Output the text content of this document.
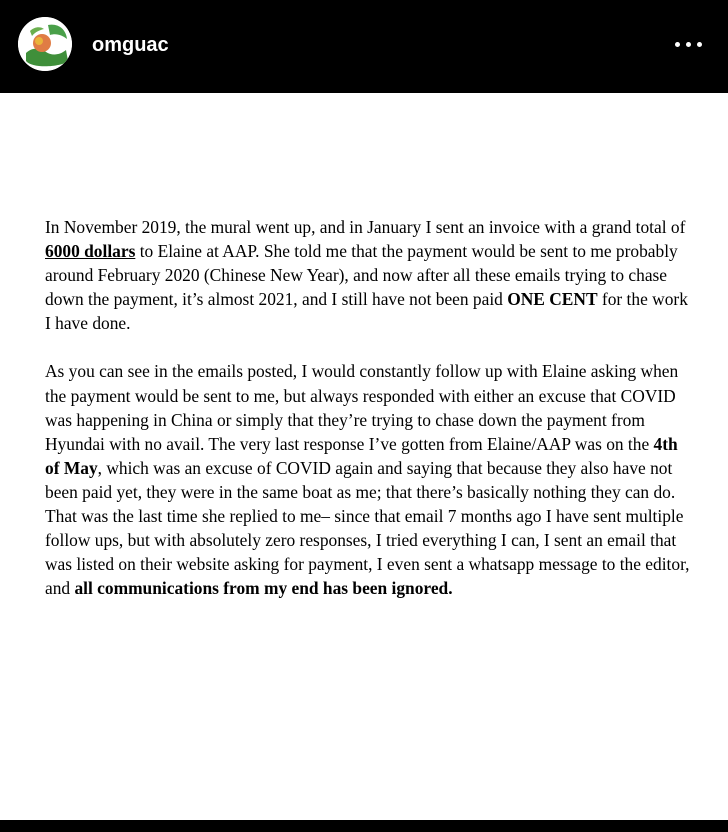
omguac

In November 2019, the mural went up, and in January I sent an invoice with a grand total of 6000 dollars to Elaine at AAP. She told me that the payment would be sent to me probably around February 2020 (Chinese New Year), and now after all these emails trying to chase down the payment, it’s almost 2021, and I still have not been paid ONE CENT for the work I have done.

As you can see in the emails posted, I would constantly follow up with Elaine asking when the payment would be sent to me, but always responded with either an excuse that COVID was happening in China or simply that they’re trying to chase down the payment from Hyundai with no avail. The very last response I’ve gotten from Elaine/AAP was on the 4th of May, which was an excuse of COVID again and saying that because they also have not been paid yet, they were in the same boat as me; that there’s basically nothing they can do. That was the last time she replied to me– since that email 7 months ago I have sent multiple follow ups, but with absolutely zero responses, I tried everything I can, I sent an email that was listed on their website asking for payment, I even sent a whatsapp message to the editor, and all communications from my end has been ignored.
